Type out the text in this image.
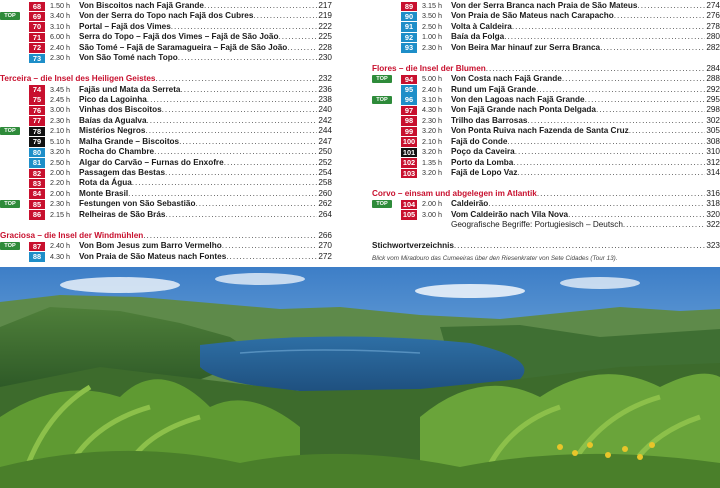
68	1.50 h	Von Biscoitos nach Fajã Grande .....	217
TOP	69	3.40 h	Von der Serra do Topo nach Fajã dos Cubres .....	219
70	3.10 h	Portal – Fajã dos Vimes .....	222
71	6.00 h	Serra do Topo – Fajã dos Vimes – Fajã de São João .....	225
72	2.40 h	São Tomé – Fajã de Saramagueira – Fajã de São João .....	228
73	2.30 h	Von São Tomé nach Topo .....	230
Terceira – die Insel des Heiligen Geistes .....	232
74	3.45 h	Fajãs und Mata da Serreta .....	236
75	2.45 h	Pico da Lagoinha .....	238
76	3.00 h	Vinhas dos Biscoitos .....	240
77	2.30 h	Baías da Agualva .....	242
TOP	78	2.10 h	Mistérios Negros .....	244
79	5.10 h	Malha Grande – Biscoitos .....	247
80	3.20 h	Rocha do Chambre .....	250
81	2.50 h	Algar do Carvão – Furnas do Enxofre .....	252
82	2.00 h	Passagem das Bestas .....	254
83	2.20 h	Rota da Água .....	258
84	2.00 h	Monte Brasil .....	260
TOP	85	2.30 h	Festungen von São Sebastião .....	262
86	2.15 h	Relheiras de São Brás .....	264
Graciosa – die Insel der Windmühlen .....	266
TOP	87	2.40 h	Von Bom Jesus zum Barro Vermelho .....	270
88	4.30 h	Von Praia de São Mateus nach Fontes .....	272
89	3.15 h	Von der Serra Branca nach Praia de São Mateus .....	274
90	3.50 h	Von Praia de São Mateus nach Carapacho .....	276
91	2.50 h	Volta à Caldeira .....	278
92	1.00 h	Baía da Folga .....	280
93	2.30 h	Von Beira Mar hinauf zur Serra Branca .....	282
Flores – die Insel der Blumen .....	284
TOP	94	5.00 h	Von Costa nach Fajã Grande .....	288
95	2.40 h	Rund um Fajã Grande .....	292
TOP	96	3.10 h	Von den Lagoas nach Fajã Grande .....	295
97	4.30 h	Von Fajã Grande nach Ponta Delgada .....	298
98	2.30 h	Trilho das Barrosas .....	302
99	3.20 h	Von Ponta Ruiva nach Fazenda de Santa Cruz .....	305
100 2.10 h	Fajã do Conde .....	308
101 3.20 h	Poço da Caveira .....	310
102 1.35 h	Porto da Lomba .....	312
103 3.20 h	Fajã de Lopo Vaz .....	314
Corvo – einsam und abgelegen im Atlantik .....	316
TOP	104 2.00 h	Caldeirão .....	318
105 3.00 h	Vom Caldeirão nach Vila Nova .....	320
Geografische Begriffe: Portugiesisch – Deutsch .....	322
Stichwortverzeichnis .....	323
Blick vom Miradouro das Cumeeiras über den Riesenkrater von Sete Cidades (Tour 13).
